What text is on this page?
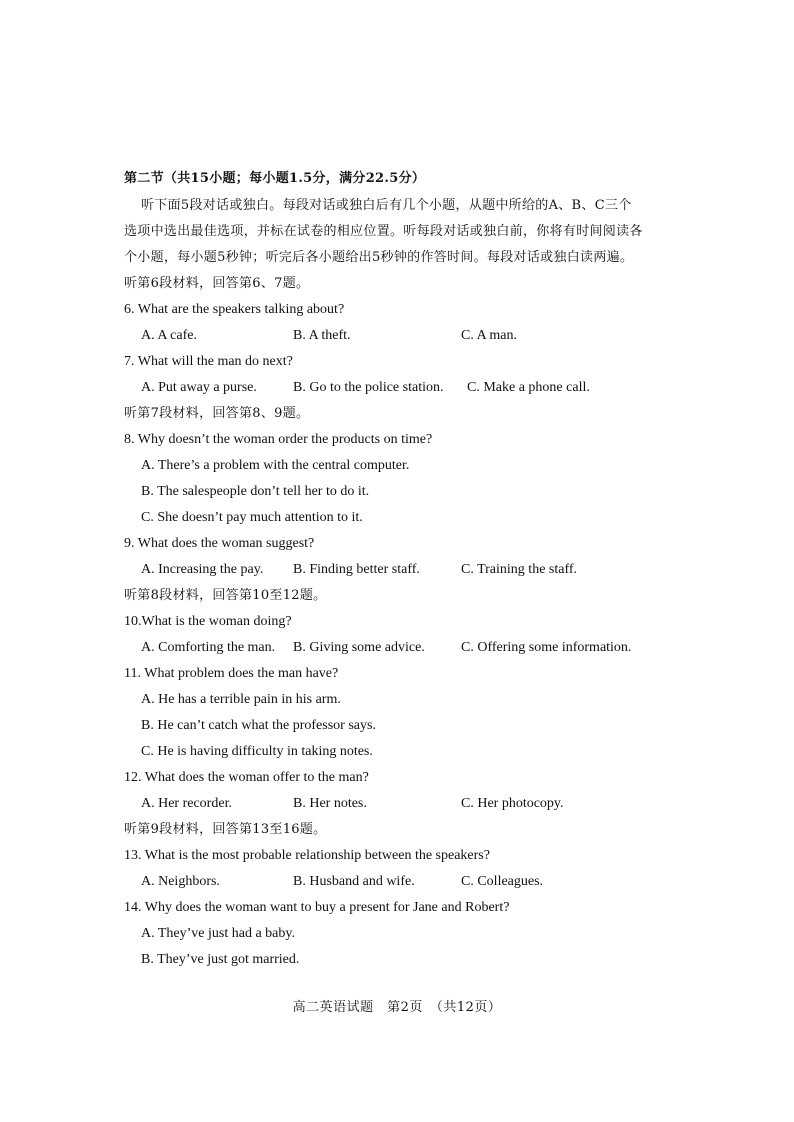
第二节（共15小题；每小题1.5分，满分22.5分）
听下面5段对话或独白。每段对话或独白后有几个小题，从题中所给的A、B、C三个
选项中选出最佳选项，并标在试卷的相应位置。听每段对话或独白前，你将有时间阅读各
个小题，每小题5秒钟；听完后各小题给出5秒钟的作答时间。每段对话或独白读两遍。
听第6段材料，回答第6、7题。
6. What are the speakers talking about?
A. A cafe.	B. A theft.	C. A man.
7. What will the man do next?
A. Put away a purse.	B. Go to the police station. C. Make a phone call.
听第7段材料，回答第8、9题。
8. Why doesn’t the woman order the products on time?
A. There’s a problem with the central computer.
B. The salespeople don’t tell her to do it.
C. She doesn’t pay much attention to it.
9. What does the woman suggest?
A. Increasing the pay. B. Finding better staff.	C. Training the staff.
听第8段材料，回答第10至12题。
10.What is the woman doing?
A. Comforting the man. B. Giving some advice.	C. Offering some information.
11. What problem does the man have?
A. He has a terrible pain in his arm.
B. He can’t catch what the professor says.
C. He is having difficulty in taking notes.
12. What does the woman offer to the man?
A. Her recorder.	B. Her notes.	C. Her photocopy.
听第9段材料，回答第13至16题。
13. What is the most probable relationship between the speakers?
A. Neighbors.	B. Husband and wife.	C. Colleagues.
14. Why does the woman want to buy a present for Jane and Robert?
A. They’ve just had a baby.
B. They’ve just got married.
高二英语试题　第2页　（共12页）
